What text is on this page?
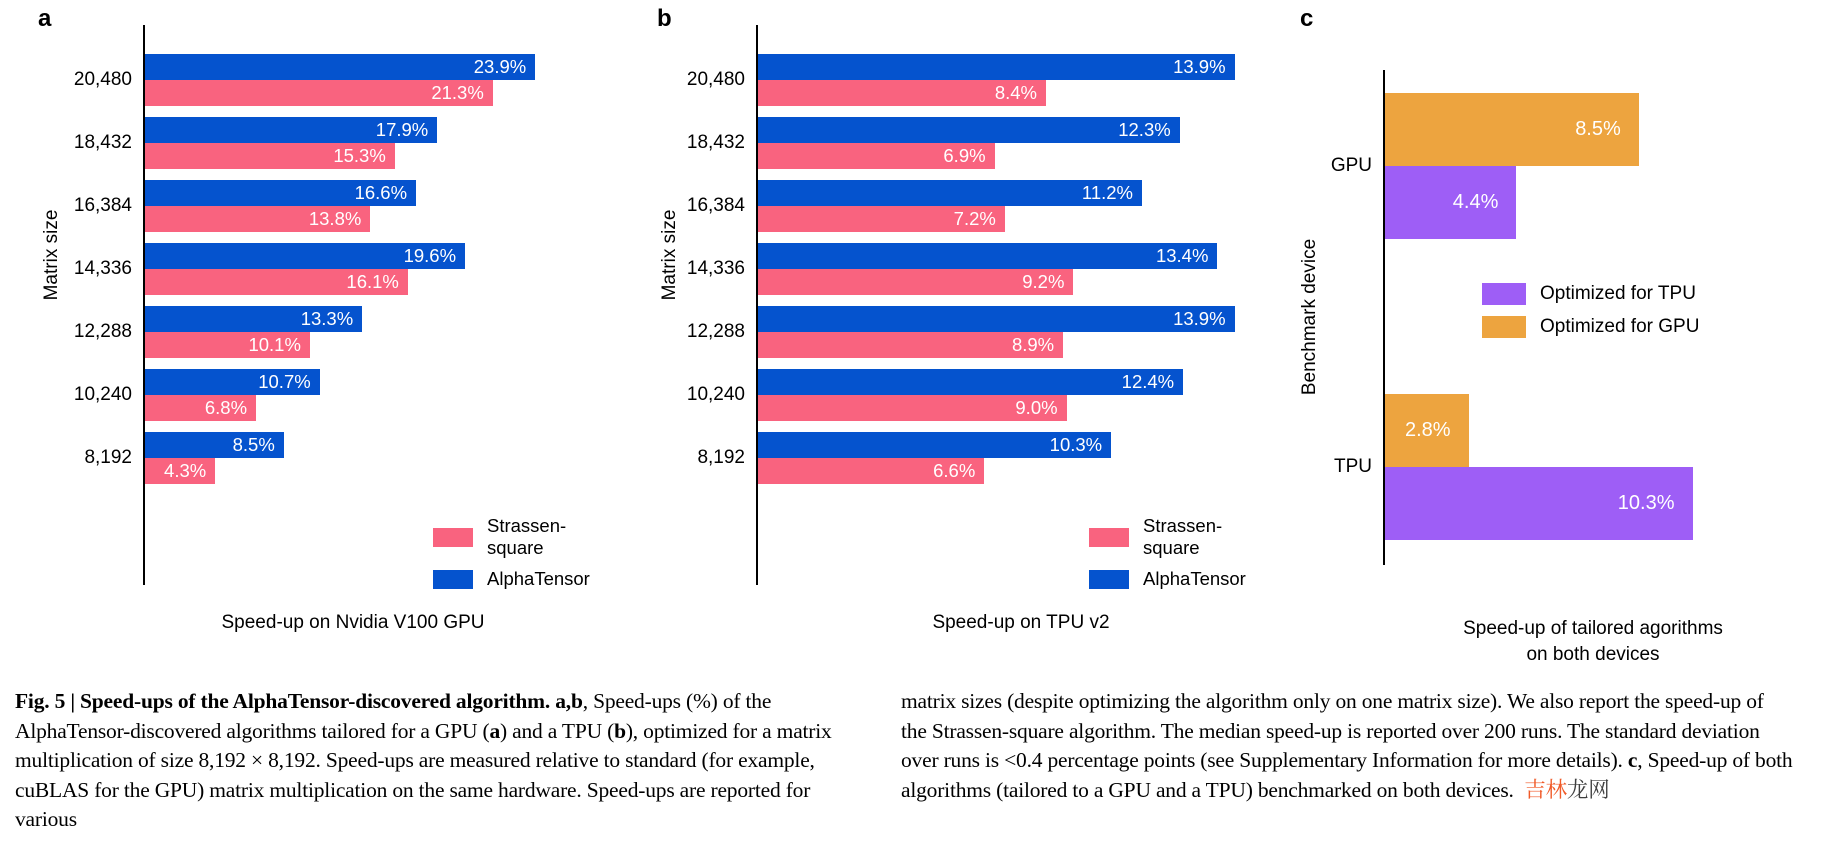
a
Matrix size
20,480
23.9%
21.3%
18,432
17.9%
15.3%
16,384
16.6%
13.8%
14,336
19.6%
16.1%
12,288
13.3%
10.1%
10,240
10.7%
6.8%
8,192
8.5%
4.3%
Strassen-square
AlphaTensor
Speed-up on Nvidia V100 GPU
b
Matrix size
20,480
13.9%
8.4%
18,432
12.3%
6.9%
16,384
11.2%
7.2%
14,336
13.4%
9.2%
12,288
13.9%
8.9%
10,240
12.4%
9.0%
8,192
10.3%
6.6%
Strassen-square
AlphaTensor
Speed-up on TPU v2
c
Benchmark device
GPU
8.5%
4.4%
TPU
2.8%
10.3%
Optimized for TPU
Optimized for GPU
Speed-up of tailored agorithms
on both devices
Fig. 5 | Speed-ups of the AlphaTensor-discovered algorithm. a,b, Speed-ups (%) of the AlphaTensor-discovered algorithms tailored for a GPU (a) and a TPU (b), optimized for a matrix multiplication of size 8,192 × 8,192. Speed-ups are measured relative to standard (for example, cuBLAS for the GPU) matrix multiplication on the same hardware. Speed-ups are reported for various
matrix sizes (despite optimizing the algorithm only on one matrix size). We also report the speed-up of the Strassen-square algorithm. The median speed-up is reported over 200 runs. The standard deviation over runs is <0.4 percentage points (see Supplementary Information for more details). c, Speed-up of both algorithms (tailored to a GPU and a TPU) benchmarked on both devices. 吉林龙网
